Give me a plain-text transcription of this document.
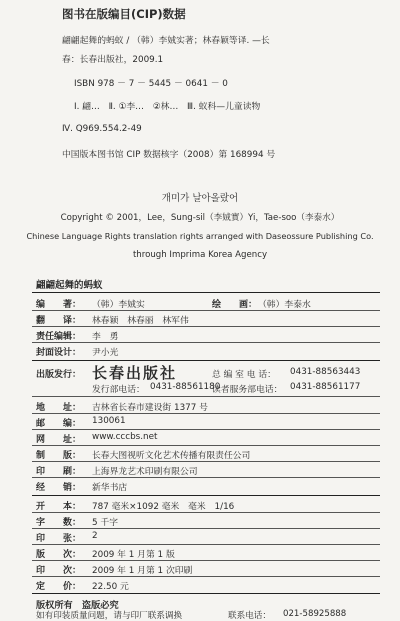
图书在版编目(CIP)数据
翩翩起舞的蚂蚁 / （韩）李娀实著；林春颖等译. —长
春：长春出版社，2009.1
ISBN 978 － 7 － 5445 － 0641 － 0
Ⅰ. 翩…　Ⅱ. ①李…　②林…　Ⅲ. 蚁科—儿童读物
Ⅳ. Q969.554.2-49
中国版本图书馆 CIP 数据核字（2008）第 168994 号
개미가 날아올랐어
Copyright © 2001，Lee，Sung-sil（李娀實）Yi，Tae-soo（李泰水）
Chinese Language Rights translation rights arranged with Daseossure Publishing Co.
through Imprima Korea Agency
翩翩起舞的蚂蚁
编　　著： （韩）李娀实	绘　　画： （韩）李泰水
翻　　译： 林春颖　林春丽　林军伟
责任编辑： 李　勇
封面设计： 尹小光
出版发行： 长春出版社	总 编 室 电 话： 0431-88563443
发行部电话： 0431-88561180
读者服务部电话： 0431-88561177
地　　址： 吉林省长春市建设街 1377 号
邮　　编： 130061
网　　址： www.cccbs.net
制　　版： 长春大图视听文化艺术传播有限责任公司
印　　刷： 上海界龙艺术印刷有限公司
经　　销： 新华书店
开　　本： 787 毫米×1092 毫米　毫米　1/16
字　　数： 5 千字
印　　张： 2
版　　次： 2009 年 1 月第 1 版
印　　次： 2009 年 1 月第 1 次印刷
定　　价： 22.50 元
版权所有　盗版必究
如有印装质量问题，请与印厂联系调换	联系电话： 021-58925888
